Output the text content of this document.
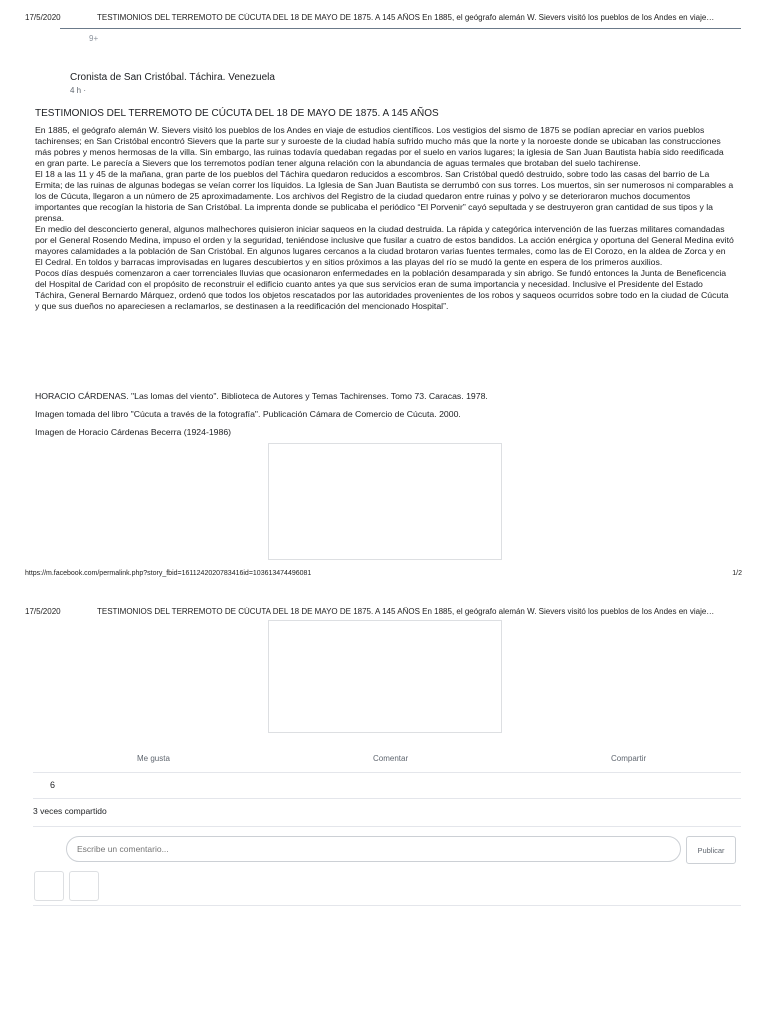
17/5/2020	TESTIMONIOS DEL TERREMOTO DE CÚCUTA DEL 18 DE MAYO DE 1875. A 145 AÑOS En 1885, el geógrafo alemán W. Sievers visitó los pueblos de los Andes en viaje…
9+
Cronista de San Cristóbal. Táchira. Venezuela
4 h ·
TESTIMONIOS DEL TERREMOTO DE CÚCUTA DEL 18 DE MAYO DE 1875. A 145 AÑOS

En 1885, el geógrafo alemán W. Sievers visitó los pueblos de los Andes en viaje de estudios científicos. Los vestigios del sismo de 1875 se podían apreciar en varios pueblos tachirenses; en San Cristóbal encontró Sievers que la parte sur y suroeste de la ciudad había sufrido mucho más que la norte y la noroeste donde se ubicaban las construcciones más pobres y menos hermosas de la villa. Sin embargo, las ruinas todavía quedaban regadas por el suelo en varios lugares; la iglesia de San Juan Bautista había sido reedificada en gran parte. Le parecía a Sievers que los terremotos podían tener alguna relación con la abundancia de aguas termales que brotaban del suelo tachirense.

El 18 a las 11 y 45 de la mañana, gran parte de los pueblos del Táchira quedaron reducidos a escombros. San Cristóbal quedó destruido, sobre todo las casas del barrio de La Ermita; de las ruinas de algunas bodegas se veían correr los líquidos. La Iglesia de San Juan Bautista se derrumbó con sus torres. Los muertos, sin ser numerosos ni comparables a los de Cúcuta, llegaron a un número de 25 aproximadamente. Los archivos del Registro de la ciudad quedaron entre ruinas y polvo y se deterioraron muchos documentos importantes que recogían la historia de San Cristóbal. La imprenta donde se publicaba el periódico “El Porvenir” cayó sepultada y se destruyeron gran cantidad de sus tipos y la prensa.

En medio del desconcierto general, algunos malhechores quisieron iniciar saqueos en la ciudad destruida. La rápida y categórica intervención de las fuerzas militares comandadas por el General Rosendo Medina, impuso el orden y la seguridad, teniéndose inclusive que fusilar a cuatro de estos bandidos. La acción enérgica y oportuna del General Medina evitó mayores calamidades a la población de San Cristóbal. En algunos lugares cercanos a la ciudad brotaron varias fuentes termales, como las de El Corozo, en la aldea de Zorca y en El Cedral. En toldos y barracas improvisadas en lugares descubiertos y en sitios próximos a las playas del río se mudó la gente en espera de los primeros auxilios.

Pocos días después comenzaron a caer torrenciales lluvias que ocasionaron enfermedades en la población desamparada y sin abrigo. Se fundó entonces la Junta de Beneficencia del Hospital de Caridad con el propósito de reconstruir el edificio cuanto antes ya que sus servicios eran de suma importancia y necesidad. Inclusive el Presidente del Estado Táchira, General Bernardo Márquez, ordenó que todos los objetos rescatados por las autoridades provenientes de los robos y saqueos ocurridos sobre todo en la ciudad de Cúcuta y que sus dueños no apareciesen a reclamarlos, se destinasen a la reedificación del mencionado Hospital”.

HORACIO CÁRDENAS. "Las lomas del viento". Biblioteca de Autores y Temas Tachirenses. Tomo 73. Caracas. 1978.
Imagen tomada del libro "Cúcuta a través de la fotografía". Publicación Cámara de Comercio de Cúcuta. 2000.
Imagen de Horacio Cárdenas Becerra (1924-1986)
https://m.facebook.com/permalink.php?story_fbid=1611242020783416id=103613474496081	1/2
17/5/2020	TESTIMONIOS DEL TERREMOTO DE CÚCUTA DEL 18 DE MAYO DE 1875. A 145 AÑOS En 1885, el geógrafo alemán W. Sievers visitó los pueblos de los Andes en viaje…
Me gusta	Comentar	Compartir
6
3 veces compartido
Escribe un comentario...
Publicar
